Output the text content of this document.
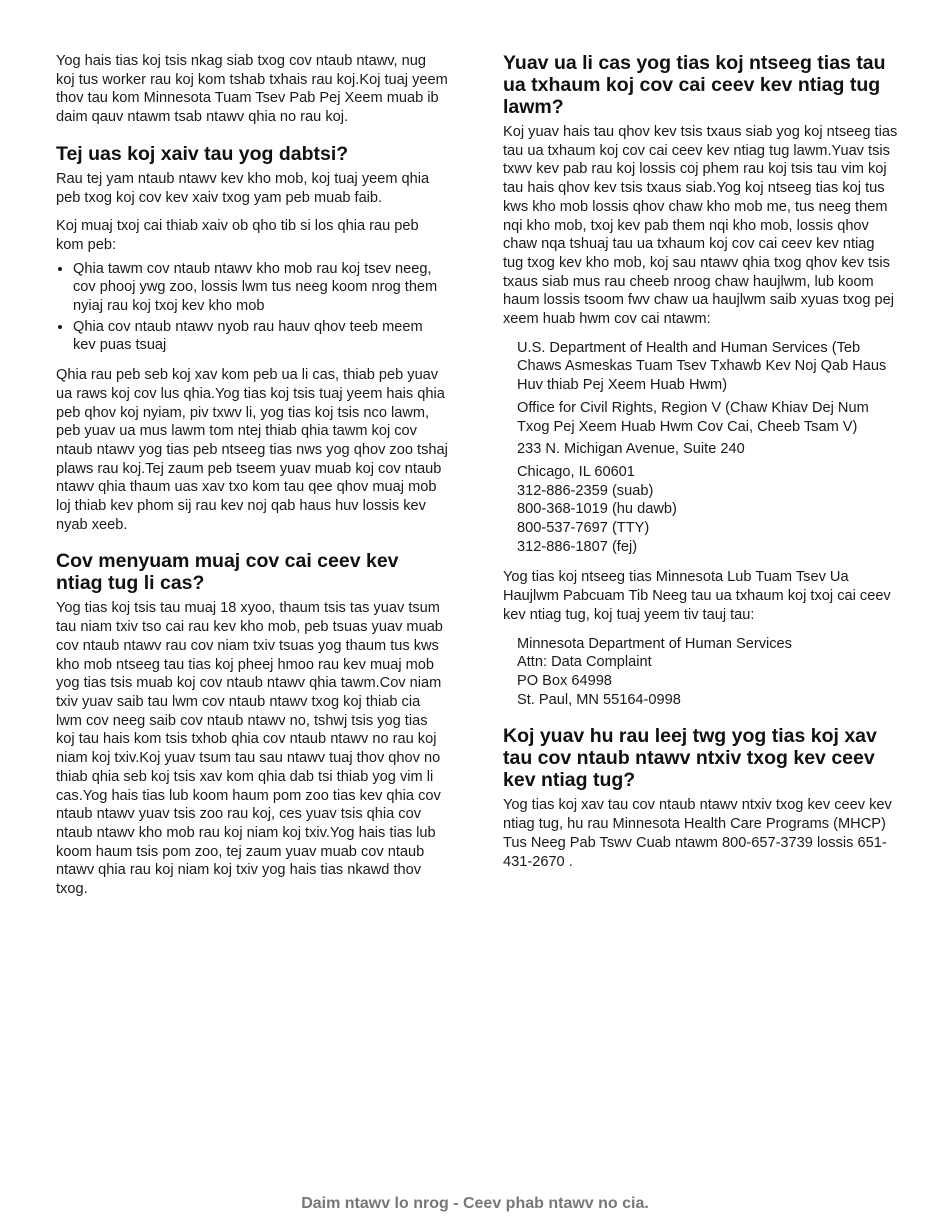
Yog hais tias koj tsis nkag siab txog cov ntaub ntawv, nug koj tus worker rau koj kom tshab txhais rau koj.Koj tuaj yeem thov tau kom Minnesota Tuam Tsev Pab Pej Xeem muab ib daim qauv ntawm tsab ntawv qhia no rau koj.

Tej uas koj xaiv tau yog dabtsi?

Rau tej yam ntaub ntawv kev kho mob, koj tuaj yeem qhia peb txog koj cov kev xaiv txog yam peb muab faib.

Koj muaj txoj cai thiab xaiv ob qho tib si los qhia rau peb kom peb:

• Qhia tawm cov ntaub ntawv kho mob rau koj tsev neeg, cov phooj ywg zoo, lossis lwm tus neeg koom nrog them nyiaj rau koj txoj kev kho mob
• Qhia cov ntaub ntawv nyob rau hauv qhov teeb meem kev puas tsuaj

Qhia rau peb seb koj xav kom peb ua li cas, thiab peb yuav ua raws koj cov lus qhia.Yog tias koj tsis tuaj yeem hais qhia peb qhov koj nyiam, piv txwv li, yog tias koj tsis nco lawm, peb yuav ua mus lawm tom ntej thiab qhia tawm koj cov ntaub ntawv yog tias peb ntseeg tias nws yog qhov zoo tshaj plaws rau koj.Tej zaum peb tseem yuav muab koj cov ntaub ntawv qhia thaum uas xav txo kom tau qee qhov muaj mob loj thiab kev phom sij rau kev noj qab haus huv lossis kev nyab xeeb.

Cov menyuam muaj cov cai ceev kev ntiag tug li cas?

Yog tias koj tsis tau muaj 18 xyoo, thaum tsis tas yuav tsum tau niam txiv tso cai rau kev kho mob, peb tsuas yuav muab cov ntaub ntawv rau cov niam txiv tsuas yog thaum tus kws kho mob ntseeg tau tias koj pheej hmoo rau kev muaj mob yog tias tsis muab koj cov ntaub ntawv qhia tawm.Cov niam txiv yuav saib tau lwm cov ntaub ntawv txog koj thiab cia lwm cov neeg saib cov ntaub ntawv no, tshwj tsis yog tias koj tau hais kom tsis txhob qhia cov ntaub ntawv no rau koj niam koj txiv.Koj yuav tsum tau sau ntawv tuaj thov qhov no thiab qhia seb koj tsis xav kom qhia dab tsi thiab yog vim li cas.Yog hais tias lub koom haum pom zoo tias kev qhia cov ntaub ntawv yuav tsis zoo rau koj, ces yuav tsis qhia cov ntaub ntawv kho mob rau koj niam koj txiv.Yog hais tias lub koom haum tsis pom zoo, tej zaum yuav muab cov ntaub ntawv qhia rau koj niam koj txiv yog hais tias nkawd thov txog.

Yuav ua li cas yog tias koj ntseeg tias tau ua txhaum koj cov cai ceev kev ntiag tug lawm?

Koj yuav hais tau qhov kev tsis txaus siab yog koj ntseeg tias tau ua txhaum koj cov cai ceev kev ntiag tug lawm.Yuav tsis txwv kev pab rau koj lossis coj phem rau koj tsis tau vim koj tau hais qhov kev tsis txaus siab.Yog koj ntseeg tias koj tus kws kho mob lossis qhov chaw kho mob me, tus neeg them nqi kho mob, txoj kev pab them nqi kho mob, lossis qhov chaw nqa tshuaj tau ua txhaum koj cov cai ceev kev ntiag tug txog kev kho mob, koj sau ntawv qhia txog qhov kev tsis txaus siab mus rau cheeb nroog chaw haujlwm, lub koom haum lossis tsoom fwv chaw ua haujlwm saib xyuas txog pej xeem huab hwm cov cai ntawm:

U.S. Department of Health and Human Services (Teb Chaws Asmeskas Tuam Tsev Txhawb Kev Noj Qab Haus Huv thiab Pej Xeem Huab Hwm)
Office for Civil Rights, Region V (Chaw Khiav Dej Num Txog Pej Xeem Huab Hwm Cov Cai, Cheeb Tsam V)
233 N. Michigan Avenue, Suite 240
Chicago, IL 60601
312-886-2359 (suab)
800-368-1019 (hu dawb)
800-537-7697 (TTY)
312-886-1807 (fej)

Yog tias koj ntseeg tias Minnesota Lub Tuam Tsev Ua Haujlwm Pabcuam Tib Neeg tau ua txhaum koj txoj cai ceev kev ntiag tug, koj tuaj yeem tiv tauj tau:

Minnesota Department of Human Services
Attn: Data Complaint
PO Box 64998
St. Paul, MN 55164-0998
Koj yuav hu rau leej twg yog tias koj xav tau cov ntaub ntawv ntxiv txog kev ceev kev ntiag tug?

Yog tias koj xav tau cov ntaub ntawv ntxiv txog kev ceev kev ntiag tug, hu rau Minnesota Health Care Programs (MHCP) Tus Neeg Pab Tswv Cuab ntawm 800-657-3739 lossis 651-431-2670 .

Daim ntawv lo nrog - Ceev phab ntawv no cia.
